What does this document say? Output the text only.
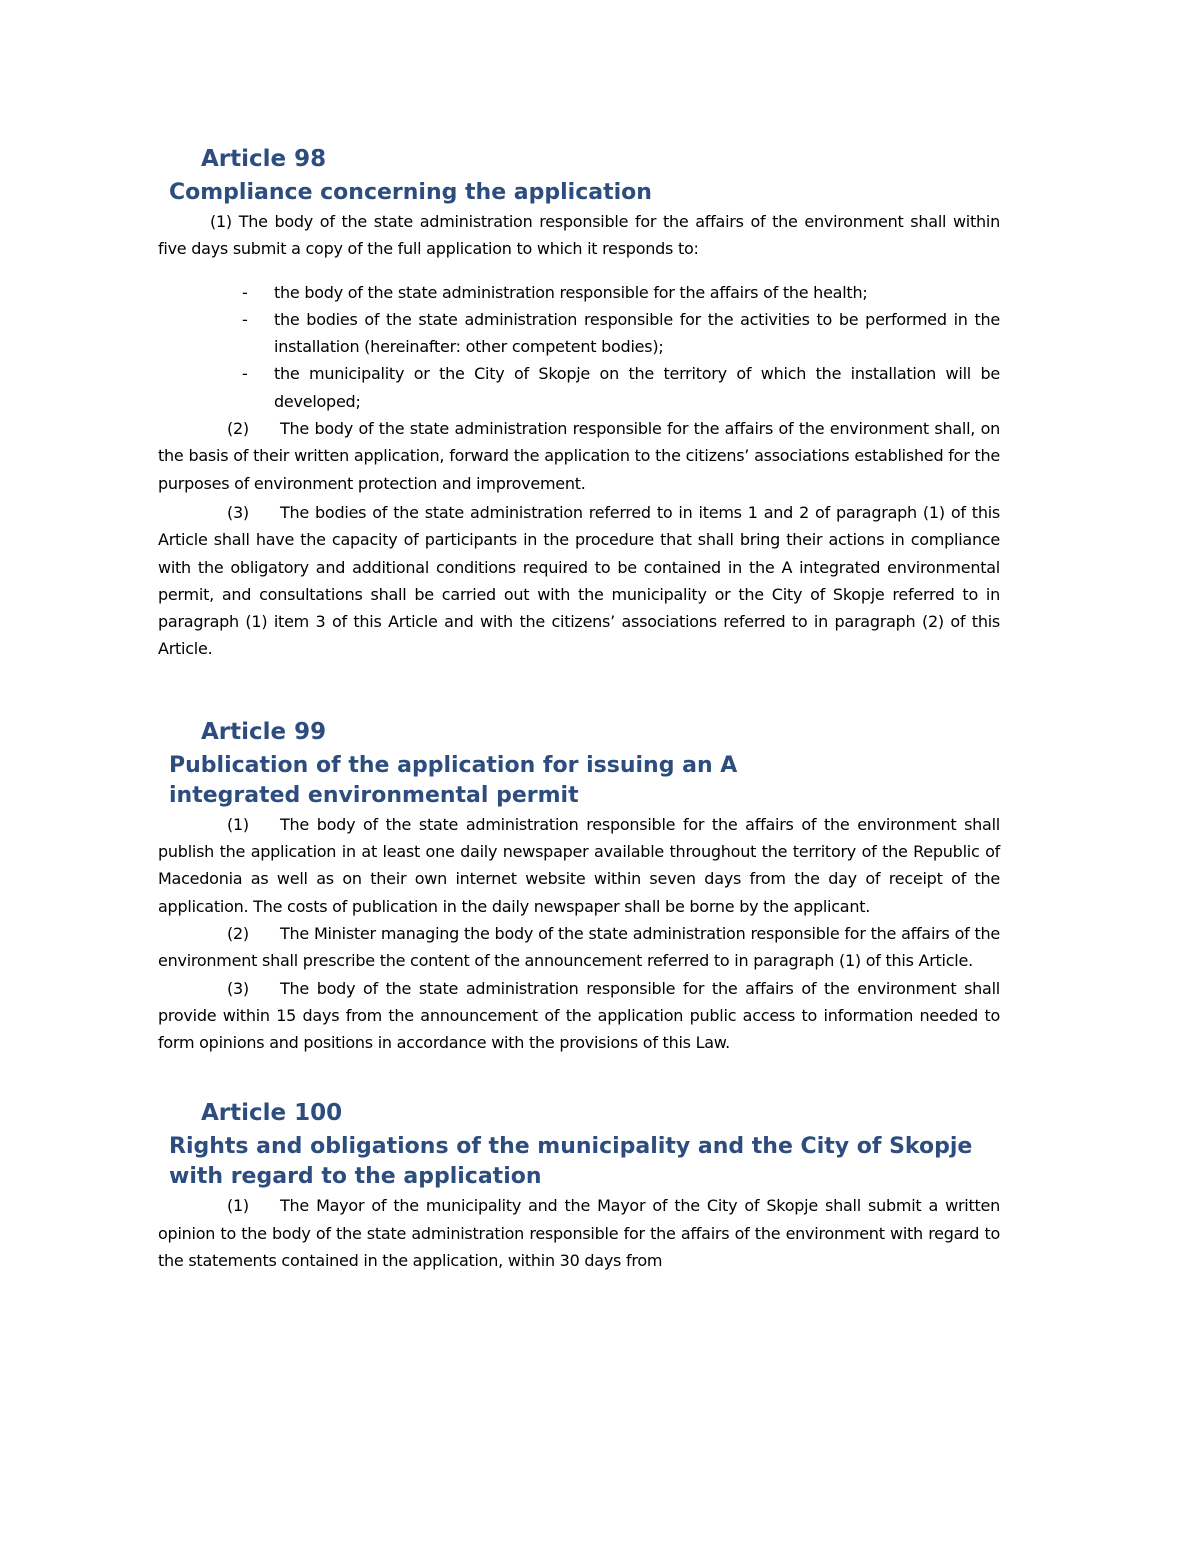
Article 98
Compliance concerning the application

(1) The body of the state administration responsible for the affairs of the environment shall within five days submit a copy of the full application to which it responds to:

- the body of the state administration responsible for the affairs of the health;
- the bodies of the state administration responsible for the activities to be performed in the installation (hereinafter: other competent bodies);
- the municipality or the City of Skopje on the territory of which the installation will be developed;

(2) The body of the state administration responsible for the affairs of the environment shall, on the basis of their written application, forward the application to the citizens’ associations established for the purposes of environment protection and improvement.

(3) The bodies of the state administration referred to in items 1 and 2 of paragraph (1) of this Article shall have the capacity of participants in the procedure that shall bring their actions in compliance with the obligatory and additional conditions required to be contained in the A integrated environmental permit, and consultations shall be carried out with the municipality or the City of Skopje referred to in paragraph (1) item 3 of this Article and with the citizens’ associations referred to in paragraph (2) of this Article.

Article 99
Publication of the application for issuing an A integrated environmental permit

(1) The body of the state administration responsible for the affairs of the environment shall publish the application in at least one daily newspaper available throughout the territory of the Republic of Macedonia as well as on their own internet website within seven days from the day of receipt of the application. The costs of publication in the daily newspaper shall be borne by the applicant.

(2) The Minister managing the body of the state administration responsible for the affairs of the environment shall prescribe the content of the announcement referred to in paragraph (1) of this Article.

(3) The body of the state administration responsible for the affairs of the environment shall provide within 15 days from the announcement of the application public access to information needed to form opinions and positions in accordance with the provisions of this Law.

Article 100
Rights and obligations of the municipality and the City of Skopje with regard to the application

(1) The Mayor of the municipality and the Mayor of the City of Skopje shall submit a written opinion to the body of the state administration responsible for the affairs of the environment with regard to the statements contained in the application, within 30 days from
